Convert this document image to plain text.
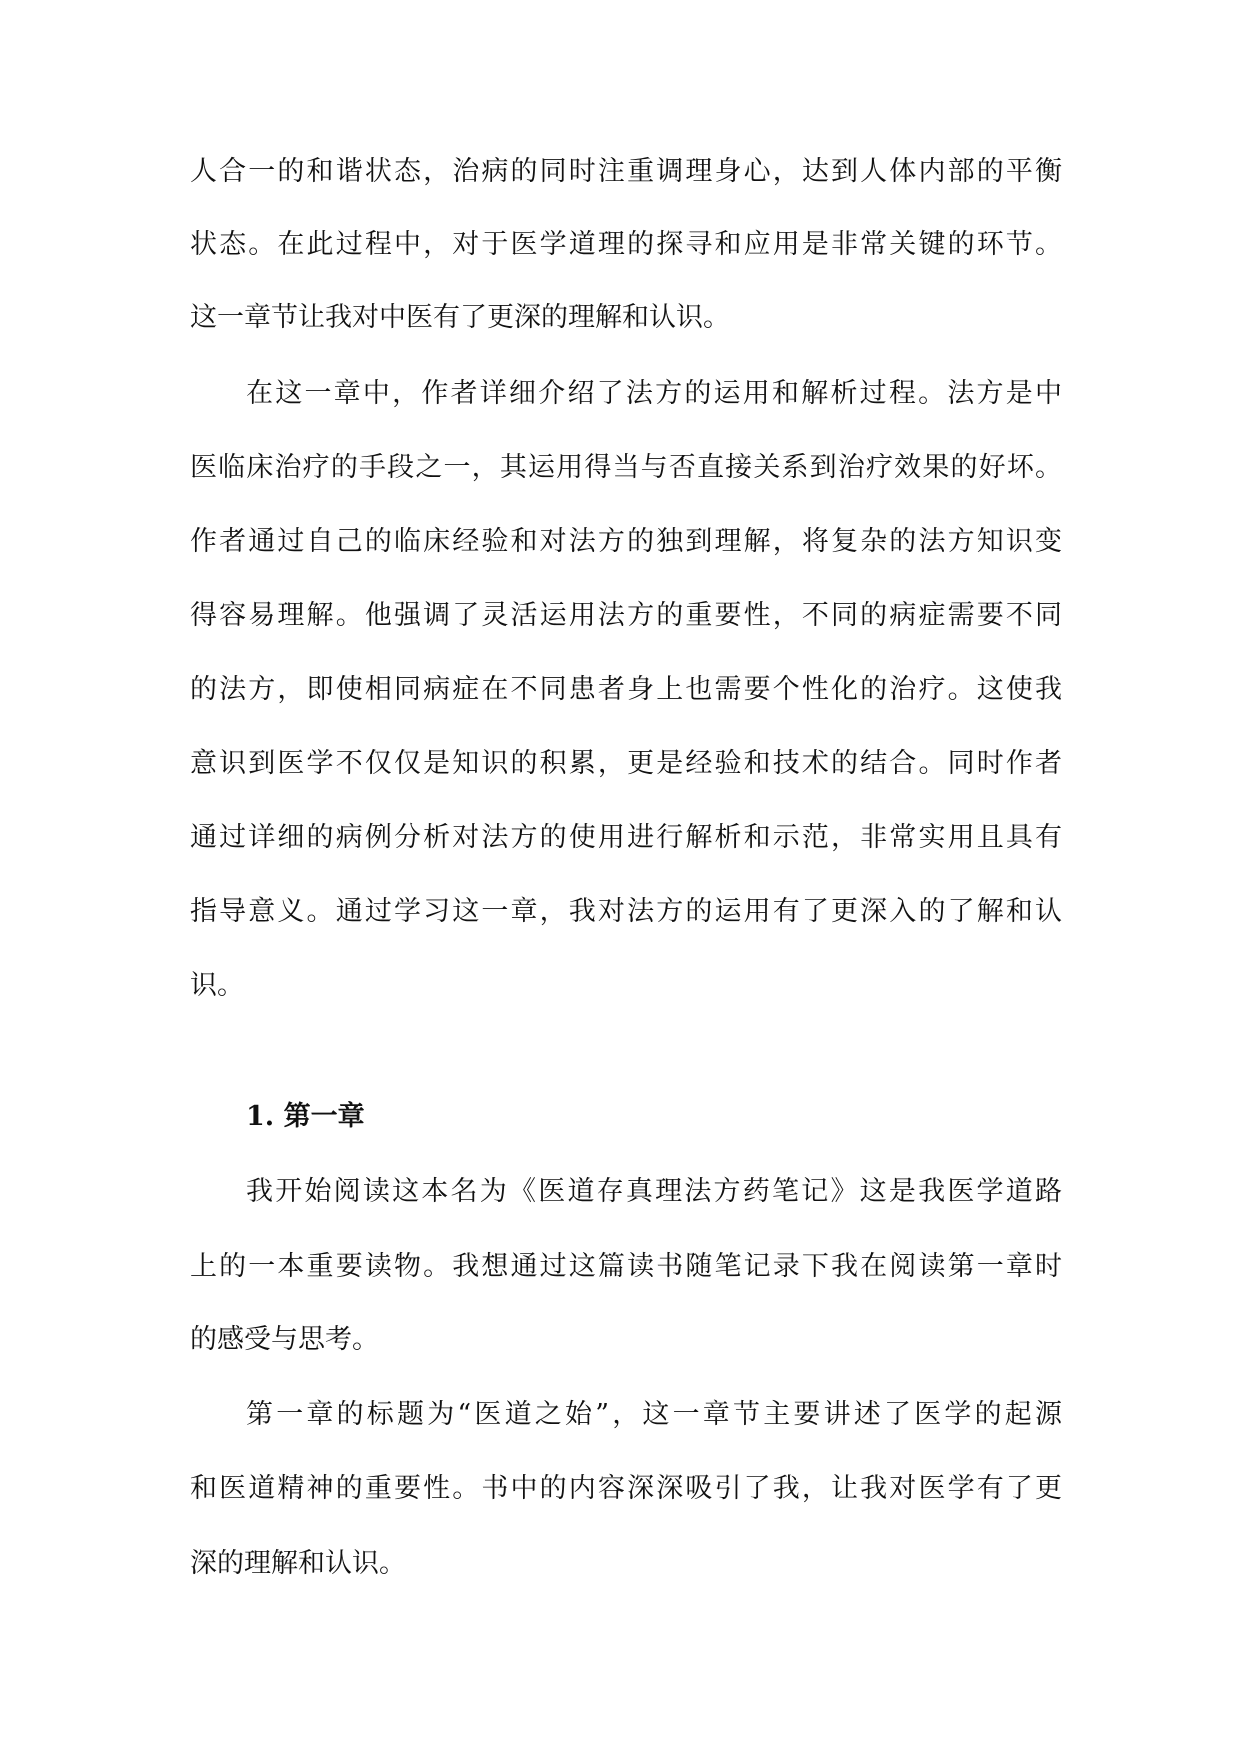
人合一的和谐状态，治病的同时注重调理身心，达到人体内部的平衡
状态。在此过程中，对于医学道理的探寻和应用是非常关键的环节。
这一章节让我对中医有了更深的理解和认识。
在这一章中，作者详细介绍了法方的运用和解析过程。法方是中
医临床治疗的手段之一，其运用得当与否直接关系到治疗效果的好坏。
作者通过自己的临床经验和对法方的独到理解，将复杂的法方知识变
得容易理解。他强调了灵活运用法方的重要性，不同的病症需要不同
的法方，即使相同病症在不同患者身上也需要个性化的治疗。这使我
意识到医学不仅仅是知识的积累，更是经验和技术的结合。同时作者
通过详细的病例分析对法方的使用进行解析和示范，非常实用且具有
指导意义。通过学习这一章，我对法方的运用有了更深入的了解和认
识。
1. 第一章
我开始阅读这本名为《医道存真理法方药笔记》这是我医学道路
上的一本重要读物。我想通过这篇读书随笔记录下我在阅读第一章时
的感受与思考。
第一章的标题为“医道之始”，这一章节主要讲述了医学的起源
和医道精神的重要性。书中的内容深深吸引了我，让我对医学有了更
深的理解和认识。
